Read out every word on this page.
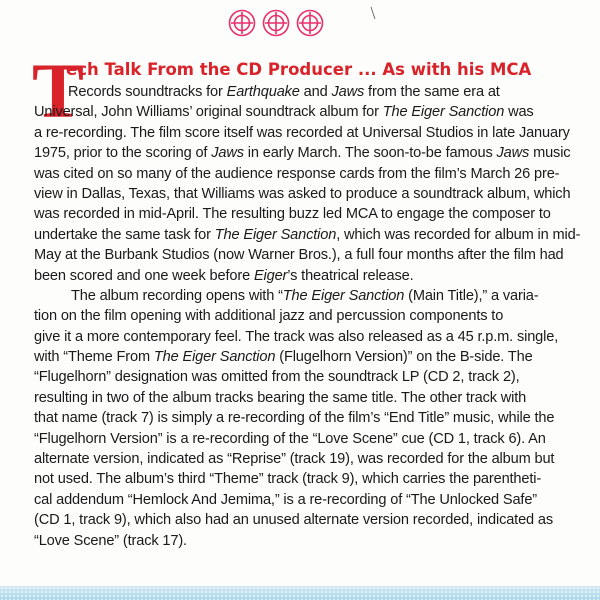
T
ech Talk From the CD Producer ... As with his MCA
Records soundtracks for Earthquake and Jaws from the same era at
Universal, John Williams’ original soundtrack album for The Eiger Sanction was
a re-recording. The film score itself was recorded at Universal Studios in late January
1975, prior to the scoring of Jaws in early March. The soon-to-be famous Jaws music
was cited on so many of the audience response cards from the film’s March 26 pre-
view in Dallas, Texas, that Williams was asked to produce a soundtrack album, which
was recorded in mid-April. The resulting buzz led MCA to engage the composer to
undertake the same task for The Eiger Sanction, which was recorded for album in mid-
May at the Burbank Studios (now Warner Bros.), a full four months after the film had
been scored and one week before Eiger’s theatrical release.
The album recording opens with “The Eiger Sanction (Main Title),” a varia-
tion on the film opening with additional jazz and percussion components to
give it a more contemporary feel. The track was also released as a 45 r.p.m. single,
with “Theme From The Eiger Sanction (Flugelhorn Version)” on the B-side. The
“Flugelhorn” designation was omitted from the soundtrack LP (CD 2, track 2),
resulting in two of the album tracks bearing the same title. The other track with
that name (track 7) is simply a re-recording of the film’s “End Title” music, while the
“Flugelhorn Version” is a re-recording of the “Love Scene” cue (CD 1, track 6). An
alternate version, indicated as “Reprise” (track 19), was recorded for the album but
not used. The album’s third “Theme” track (track 9), which carries the parentheti-
cal addendum “Hemlock And Jemima,” is a re-recording of “The Unlocked Safe”
(CD 1, track 9), which also had an unused alternate version recorded, indicated as
“Love Scene” (track 17).
